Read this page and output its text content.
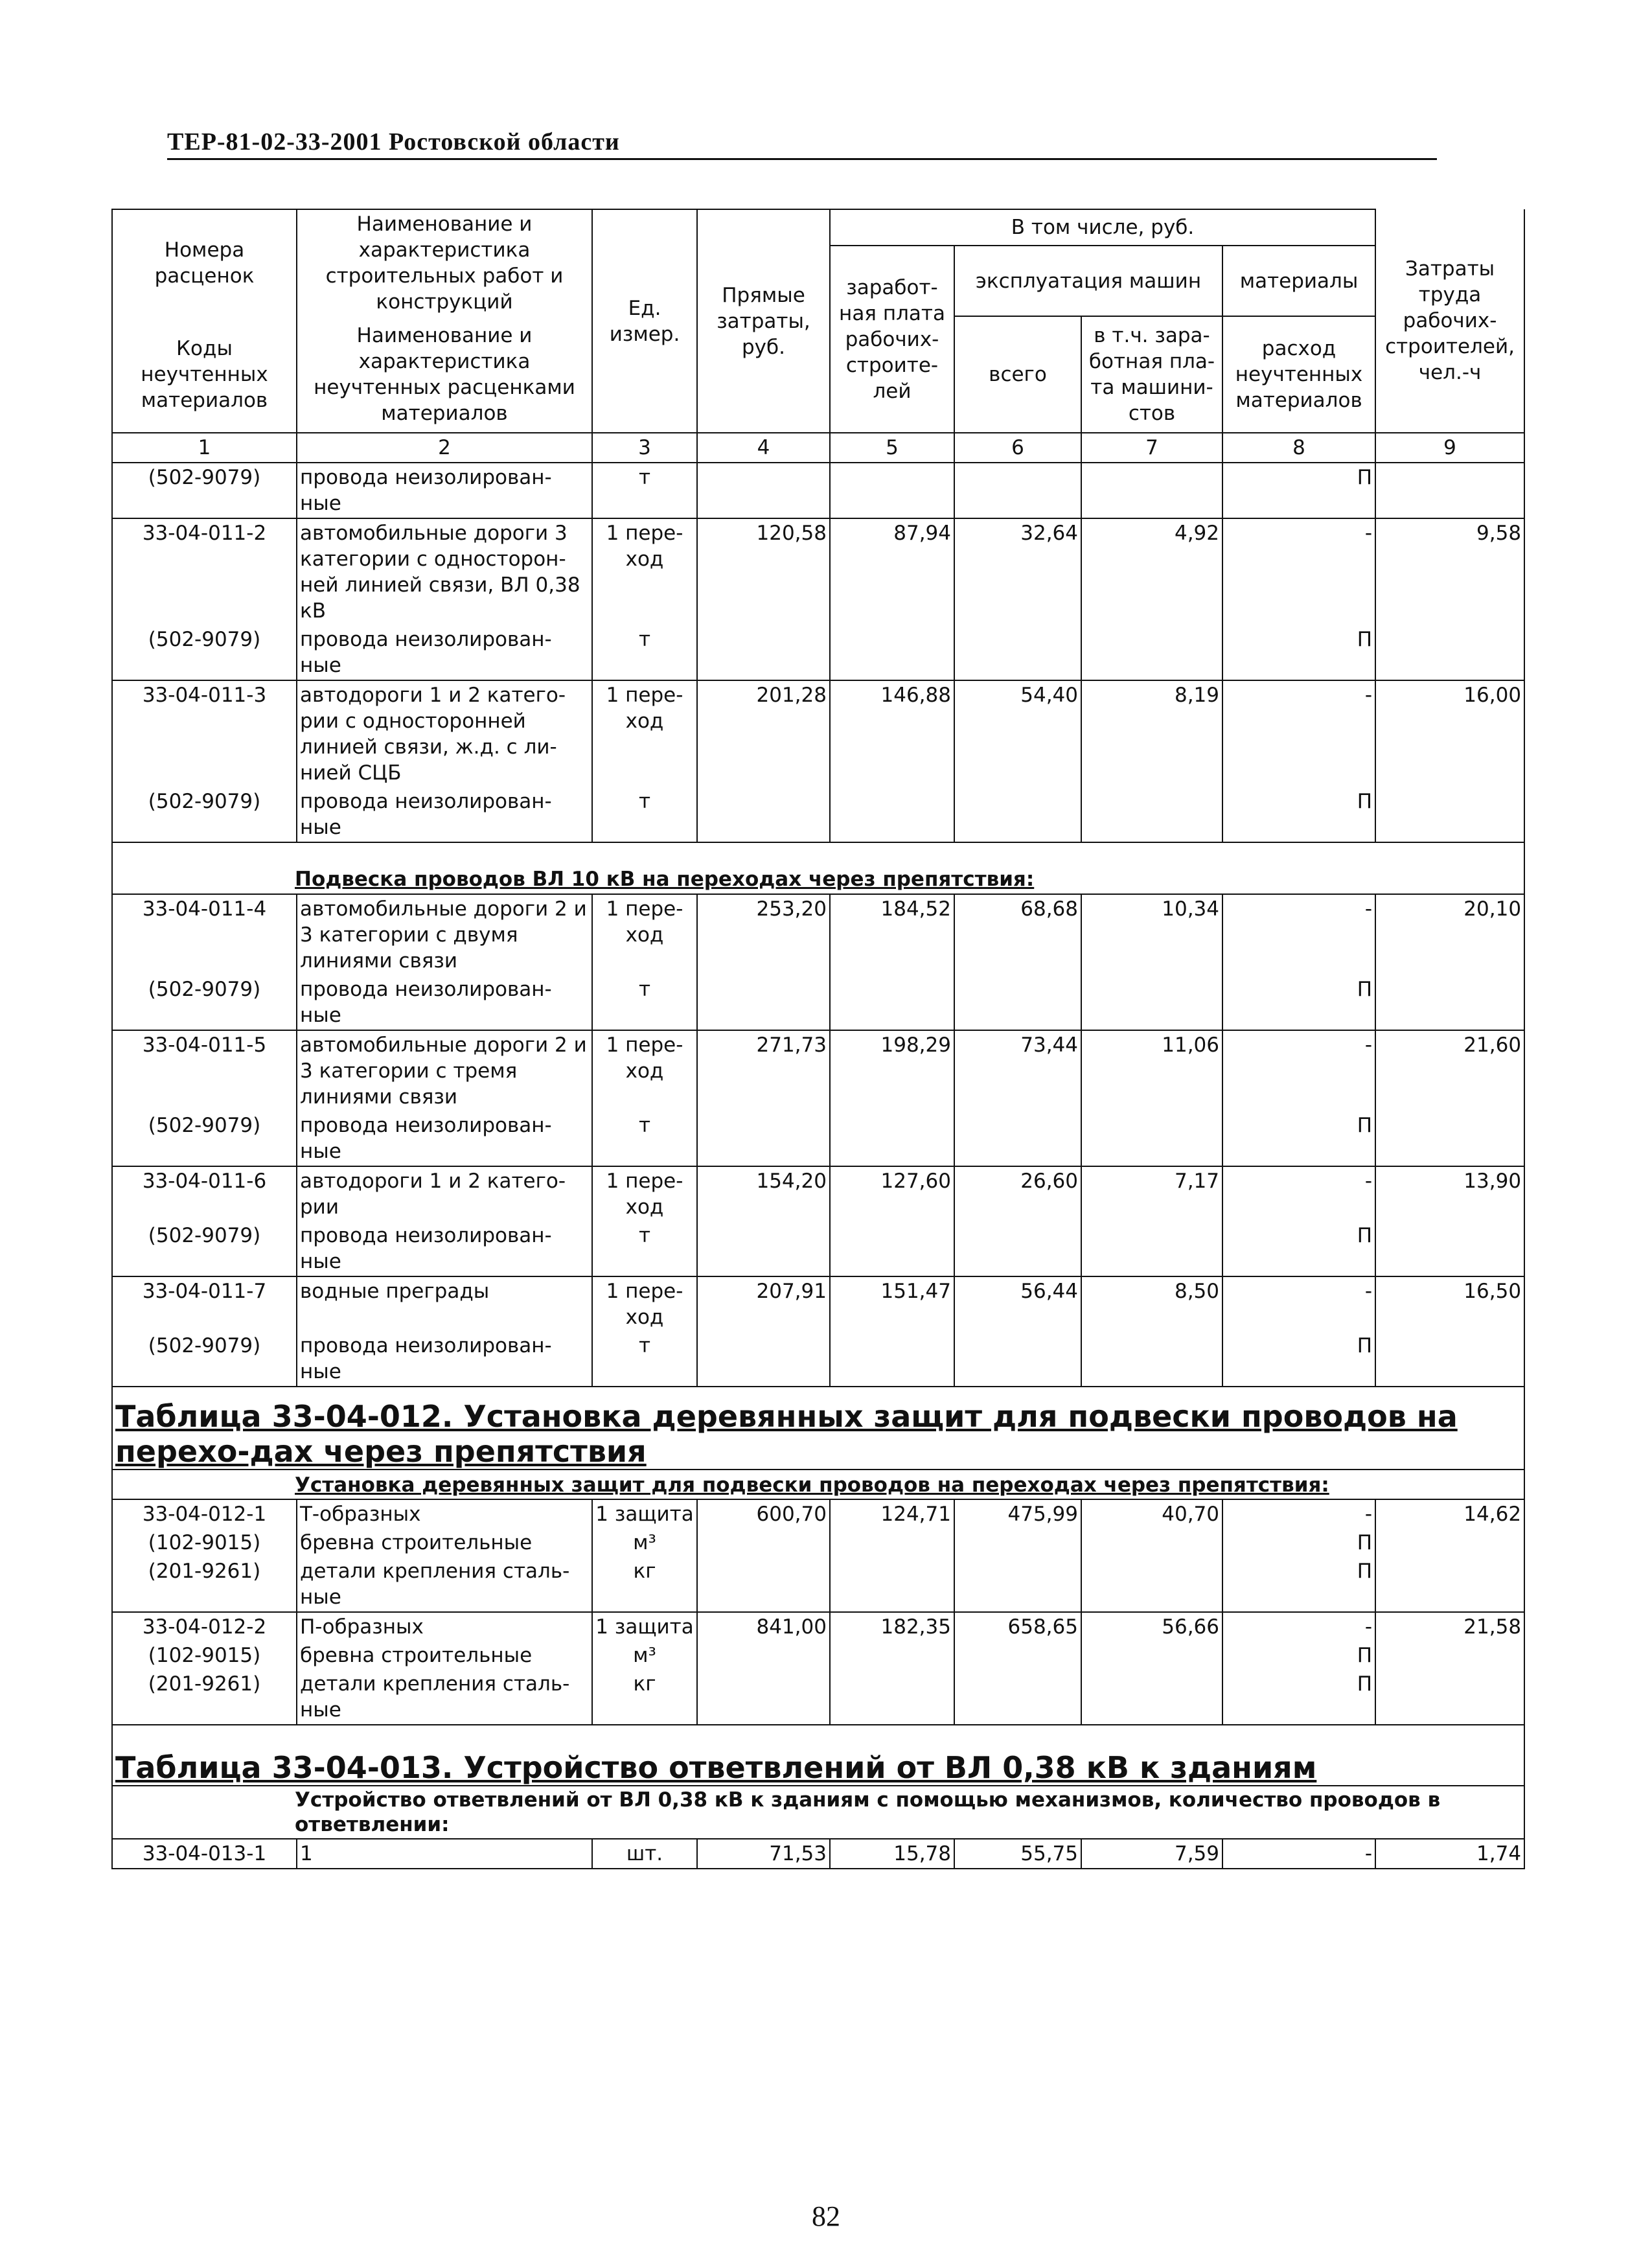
ТЕР-81-02-33-2001 Ростовской области
Номера расценок	Наименование и характеристика строительных работ и конструкций	Ед. измер.	Прямые затраты, руб.	В том числе, руб.				Затраты труда рабочих-строителей, чел.-ч
				заработ-ная плата рабочих-строите-лей	эксплуатация машин		материалы	
Коды неучтенных материалов	Наименование и характеристика неучтенных расценками материалов				всего	в т.ч. зара-ботная пла-та машини-стов	расход неучтенных материалов	

1	2	3	4	5	6	7	8	9
(502-9079)	провода неизолирован-ные	т					П	
33-04-011-2	автомобильные дороги 3 категории с односторон-ней линией связи, ВЛ 0,38 кВ	1 пере-ход	120,58	87,94	32,64	4,92	-	9,58
(502-9079)	провода неизолирован-ные	т					П	
33-04-011-3	автодороги 1 и 2 катего-рии с односторонней линией связи, ж.д. с ли-нией СЦБ	1 пере-ход	201,28	146,88	54,40	8,19	-	16,00
(502-9079)	провода неизолирован-ные	т					П	
Подвеска проводов ВЛ 10 кВ на переходах через препятствия:								
33-04-011-4	автомобильные дороги 2 и 3 категории с двумя линиями связи	1 пере-ход	253,20	184,52	68,68	10,34	-	20,10
(502-9079)	провода неизолирован-ные	т					П	
33-04-011-5	автомобильные дороги 2 и 3 категории с тремя линиями связи	1 пере-ход	271,73	198,29	73,44	11,06	-	21,60
(502-9079)	провода неизолирован-ные	т					П	
33-04-011-6	автодороги 1 и 2 катего-рии	1 пере-ход	154,20	127,60	26,60	7,17	-	13,90
(502-9079)	провода неизолирован-ные	т					П	
33-04-011-7	водные преграды	1 пере-ход	207,91	151,47	56,44	8,50	-	16,50
(502-9079)	провода неизолирован-ные	т					П	
Таблица 33-04-012. Установка деревянных защит для подвески проводов на перехо-дах через препятствия								
Установка деревянных защит для подвески проводов на переходах через препятствия:								
33-04-012-1	Т-образных	1 защита	600,70	124,71	475,99	40,70	-	14,62
(102-9015)	бревна строительные	м³					П	
(201-9261)	детали крепления сталь-ные	кг					П	
33-04-012-2	П-образных	1 защита	841,00	182,35	658,65	56,66	-	21,58
(102-9015)	бревна строительные	м³					П	
(201-9261)	детали крепления сталь-ные	кг					П	
Таблица 33-04-013. Устройство ответвлений от ВЛ 0,38 кВ к зданиям								
Устройство ответвлений от ВЛ 0,38 кВ к зданиям с помощью механизмов, количество проводов в ответвлении:								
33-04-013-1	1	шт.	71,53	15,78	55,75	7,59	-	1,74
82
